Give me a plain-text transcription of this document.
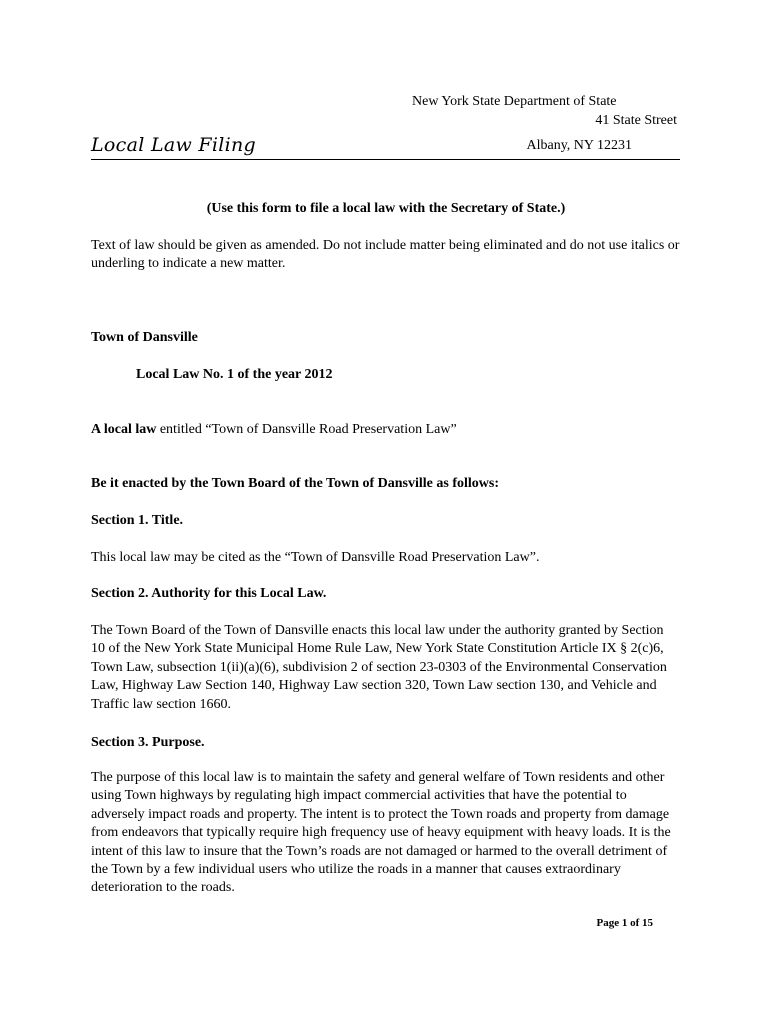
New York State Department of State
41 State Street
Local Law Filing	Albany, NY 12231
(Use this form to file a local law with the Secretary of State.)
Text of law should be given as amended. Do not include matter being eliminated and do not use italics or underling to indicate a new matter.
Town of Dansville
Local Law No. 1 of the year 2012
A local law entitled “Town of Dansville Road Preservation Law”
Be it enacted by the Town Board of the Town of Dansville as follows:
Section 1. Title.
This local law may be cited as the “Town of Dansville Road Preservation Law”.
Section 2. Authority for this Local Law.
The Town Board of the Town of Dansville enacts this local law under the authority granted by Section 10 of the New York State Municipal Home Rule Law, New York State Constitution Article IX § 2(c)6, Town Law, subsection 1(ii)(a)(6), subdivision 2 of section 23-0303 of the Environmental Conservation Law, Highway Law Section 140, Highway Law section 320, Town Law section 130, and Vehicle and Traffic law section 1660.
Section 3. Purpose.
The purpose of this local law is to maintain the safety and general welfare of Town residents and other using Town highways by regulating high impact commercial activities that have the potential to adversely impact roads and property. The intent is to protect the Town roads and property from damage from endeavors that typically require high frequency use of heavy equipment with heavy loads. It is the intent of this law to insure that the Town’s roads are not damaged or harmed to the overall detriment of the Town by a few individual users who utilize the roads in a manner that causes extraordinary deterioration to the roads.
Page 1 of 15
